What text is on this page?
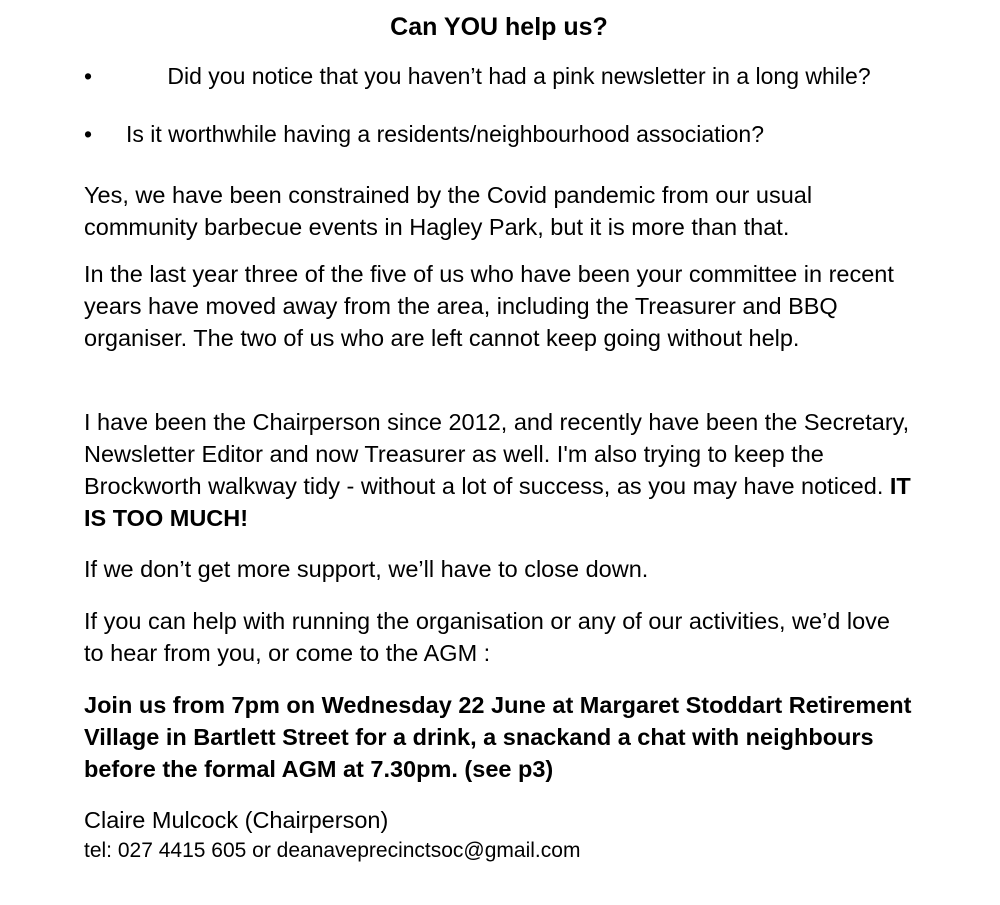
Can YOU help us?
•	Did you notice that you haven’t had a pink newsletter in a long while?
•	Is it worthwhile having a residents/neighbourhood association?

Yes, we have been constrained by the Covid pandemic from our usual community barbecue events in Hagley Park, but it is more than that.

In the last year three of the five of us who have been your committee in recent years have moved away from the area, including the Treasurer and BBQ organiser. The two of us who are left cannot keep going without help.

I have been the Chairperson since 2012, and recently have been the Secretary, Newsletter Editor and now Treasurer as well. I'm also trying to keep the Brockworth walkway tidy - without a lot of success, as you may have noticed. IT IS TOO MUCH!

If we don’t get more support, we’ll have to close down.

If you can help with running the organisation or any of our activities, we’d love to hear from you, or come to the AGM :

Join us from 7pm on Wednesday 22 June at Margaret Stoddart Retirement Village in Bartlett Street for a drink, a snackand a chat with neighbours before the formal AGM at 7.30pm. (see p3)

Claire Mulcock (Chairperson)

tel: 027 4415 605 or deanaveprecinctsoc@gmail.com
